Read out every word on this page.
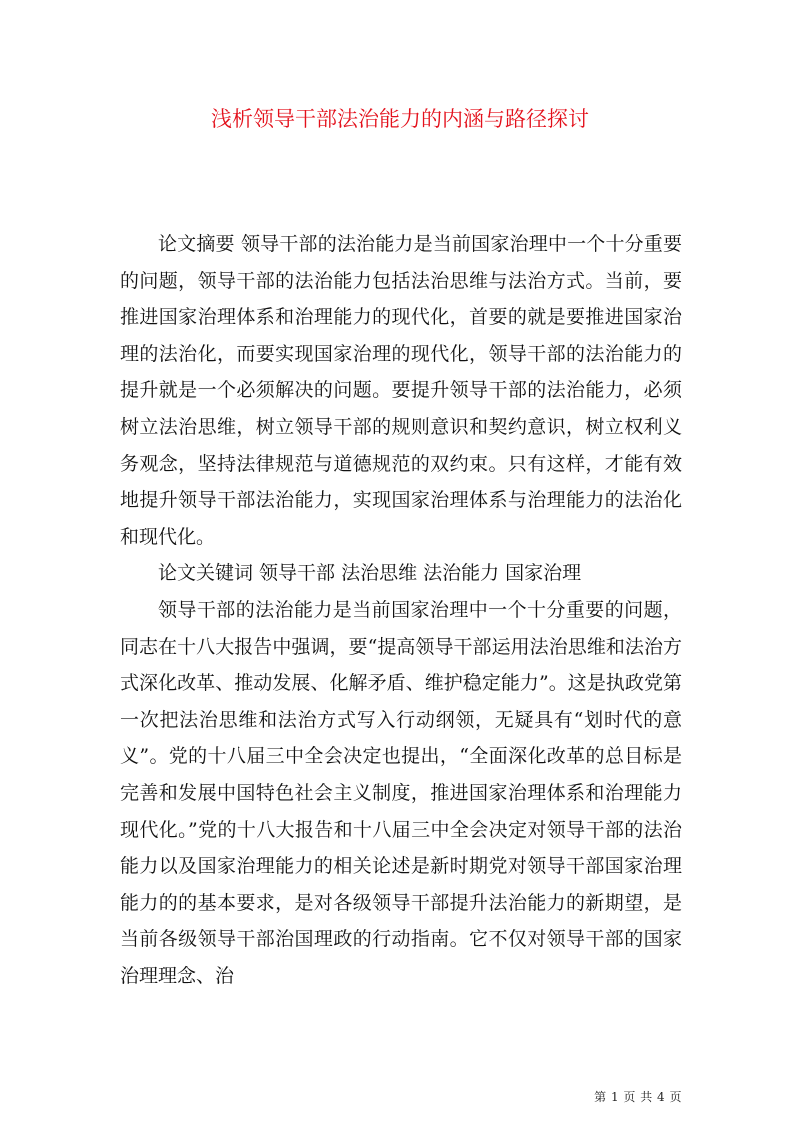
浅析领导干部法治能力的内涵与路径探讨

论文摘要 领导干部的法治能力是当前国家治理中一个十分重要的问题，领导干部的法治能力包括法治思维与法治方式。当前，要推进国家治理体系和治理能力的现代化，首要的就是要推进国家治理的法治化，而要实现国家治理的现代化，领导干部的法治能力的提升就是一个必须解决的问题。要提升领导干部的法治能力，必须树立法治思维，树立领导干部的规则意识和契约意识，树立权利义务观念，坚持法律规范与道德规范的双约束。只有这样，才能有效地提升领导干部法治能力，实现国家治理体系与治理能力的法治化和现代化。

论文关键词 领导干部 法治思维 法治能力 国家治理

领导干部的法治能力是当前国家治理中一个十分重要的问题，同志在十八大报告中强调，要“提高领导干部运用法治思维和法治方式深化改革、推动发展、化解矛盾、维护稳定能力”。这是执政党第一次把法治思维和法治方式写入行动纲领，无疑具有“划时代的意义”。党的十八届三中全会决定也提出，“全面深化改革的总目标是完善和发展中国特色社会主义制度，推进国家治理体系和治理能力现代化。”党的十八大报告和十八届三中全会决定对领导干部的法治能力以及国家治理能力的相关论述是新时期党对领导干部国家治理能力的的基本要求，是对各级领导干部提升法治能力的新期望，是当前各级领导干部治国理政的行动指南。它不仅对领导干部的国家治理理念、治

第 1 页 共 4 页
